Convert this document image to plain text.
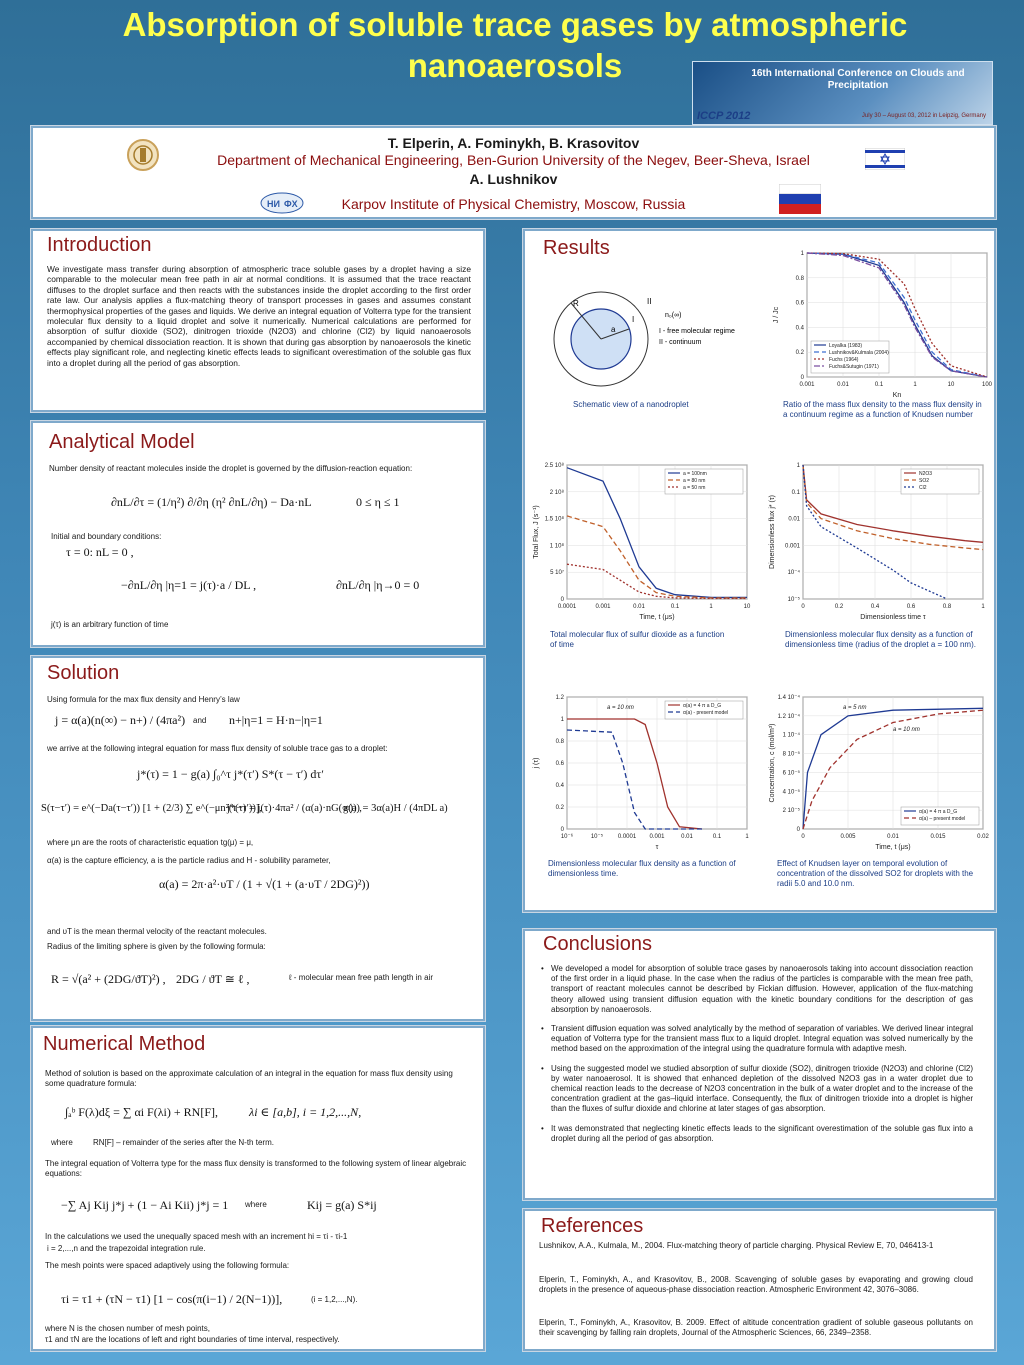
Absorption of soluble trace gases by atmospheric nanoaerosols	16th International Conference on Clouds and Precipitation
ICCP 2012	July 30 – August 03, 2012 in Leipzig, Germany
T. Elperin, A. Fominykh, B. Krasovitov
Department of Mechanical Engineering, Ben-Gurion University of the Negev, Beer-Sheva, Israel
A. Lushnikov
Karpov Institute of Physical Chemistry, Moscow, Russia
НИ ФХ
Introduction
We investigate mass transfer during absorption of atmospheric trace soluble gases by a droplet having a size comparable to the molecular mean free path in air at normal conditions. It is assumed that the trace reactant diffuses to the droplet surface and then reacts with the substances inside the droplet according to the first order rate law. Our analysis applies a flux-matching theory of transport processes in gases and assumes constant thermophysical properties of the gases and liquids. We derive an integral equation of Volterra type for the transient molecular flux density to a liquid droplet and solve it numerically. Numerical calculations are performed for absorption of sulfur dioxide (SO2), dinitrogen trioxide (N2O3) and chlorine (Cl2) by liquid nanoaerosols accompanied by chemical dissociation reaction. It is shown that during gas absorption by nanoaerosols the kinetic effects play significant role, and neglecting kinetic effects leads to significant overestimation of the soluble gas flux into a droplet during all the period of gas absorption.
Analytical Model
Number density of reactant molecules inside the droplet is governed by the diffusion-reaction equation:
∂nL/∂τ = (1/η²) ∂/∂η (η² ∂nL/∂η) − Da·nL	0 ≤ η ≤ 1
Initial and boundary conditions:
τ = 0: nL = 0 ,
−∂nL/∂η |η=1 = j(τ)·a / DL ,	∂nL/∂η |η→0 = 0
j(τ) is an arbitrary function of time
Solution
Using formula for the max flux density and Henry’s law
j = α(a)(n(∞) − n+) / (4πa²) and n+|η=1 = H·n−|η=1
we arrive at the following integral equation for mass flux density of soluble trace gas to a droplet:
j*(τ) = 1 − g(a) ∫₀^τ j*(τ′) S*(τ − τ′) dτ′
S(τ−τ′) = e^(−Da(τ−τ′)) [1 + (2/3) ∑ e^(−μn²(τ−τ′))],
j*(τ) = j(τ)·4πa² / (α(a)·nG(∞)) ,
g(a) = 3α(a)H / (4πDL a)
where μn are the roots of characteristic equation tg(μ) = μ,
α(a) is the capture efficiency, a is the particle radius and H - solubility parameter,
α(a) = 2π·a²·υT / (1 + √(1 + (a·υT / 2DG)²))
and υT is the mean thermal velocity of the reactant molecules.
Radius of the limiting sphere is given by the following formula:
R = √(a² + (2DG/ϑT)²) , 2DG / ϑT ≅ ℓ ,	ℓ - molecular mean free path length in air
Numerical Method
Method of solution is based on the approximate calculation of an integral in the equation for mass flux density using some quadrature formula:
∫ₐᵇ F(λ)dξ = ∑ αi F(λi) + RN[F],	λi ∈ [a,b], i = 1,2,...,N,
where	RN[F] – remainder of the series after the N-th term.
The integral equation of Volterra type for the mass flux density is transformed to the following system of linear algebraic equations:
−∑ Aj Kij j*j + (1 − Ai Kii) j*j = 1 where	Kij = g(a) S*ij
In the calculations we used the unequally spaced mesh with an increment hi = τi - τi-1
i = 2,...,n and the trapezoidal integration rule.
The mesh points were spaced adaptively using the following formula:
τi = τ1 + (τN − τ1) [1 − cos(π(i−1) / 2(N−1))],	(i = 1,2,...,N).
where N is the chosen number of mesh points,
τ1 and τN are the locations of left and right boundaries of time interval, respectively.
Results
R
a
I
II
n₀(∞)
I - free molecular regime
II - continuum
Schematic view of a nanodroplet
0.001	0.01	0.1	1	10	100
0
0.2
0.4
0.6
0.8
1
Kn
J / Jc
Loyalka (1983)
Lushnikov&Kulmala (2004)
Fuchs (1964)
Fuchs&Sutugin (1971)
Ratio of the mass flux density to the mass flux density in a continuum regime as a function of Knudsen number
0.0001	0.001	0.01	0.1	1	10
0
5 10⁷
1 10⁸
1.5 10⁸
2 10⁸
2.5 10⁸
Time, t (μs)
Total Flux, J (s⁻¹)
a = 100nm
a = 80 nm
a = 50 nm
Total molecular flux of sulfur dioxide as a function of time
0	0.2	0.4	0.6	0.8	1
10⁻⁵
10⁻⁴
0.001
0.01
0.1
1
Dimensionless time τ
Dimensionless flux j* (τ)
N2O3
SO2
Cl2
Dimensionless molecular flux density as a function of dimensionless time (radius of the droplet a = 100 nm).
10⁻⁶	10⁻⁵ 0.0001 0.001	0.01	0.1	1
0
0.2
0.4
0.6
0.8
1
1.2
τ
j (τ)
α(a) = 4 π a D_G
α(a) - present model
a = 10 nm
Dimensionless molecular flux density as a function of dimensionless time.
0	0.005	0.01	0.015	0.02
0
2 10⁻⁵
4 10⁻⁵
6 10⁻⁵
8 10⁻⁵
1 10⁻⁴
1.2 10⁻⁴
1.4 10⁻⁴
Time, t (μs)
Concentration, c (mol/m³)
α(a) = 4 π a D_G
α(a) – present model
a = 5 nm
a = 10 nm
Effect of Knudsen layer on temporal evolution of concentration of the dissolved SO2 for droplets with the radii 5.0 and 10.0 nm.
Conclusions
• We developed a model for absorption of soluble trace gases by nanoaerosols taking into account dissociation reaction of the first order in a liquid phase. In the case when the radius of the particles is comparable with the mean free path, transport of reactant molecules cannot be described by Fickian diffusion. However, application of the flux-matching theory allowed using transient diffusion equation with the kinetic boundary conditions for the description of gas absorption by nanoaerosols.
• Transient diffusion equation was solved analytically by the method of separation of variables. We derived linear integral equation of Volterra type for the transient mass flux to a liquid droplet. Integral equation was solved numerically by the method based on the approximation of the integral using the quadrature formula with adaptive mesh.
• Using the suggested model we studied absorption of sulfur dioxide (SO2), dinitrogen trioxide (N2O3) and chlorine (Cl2) by water nanoaerosol. It is showed that enhanced depletion of the dissolved N2O3 gas in a water droplet due to chemical reaction leads to the decrease of N2O3 concentration in the bulk of a water droplet and to the increase of the concentration gradient at the gas–liquid interface. Consequently, the flux of dinitrogen trioxide into a droplet is higher than the fluxes of sulfur dioxide and chlorine at later stages of gas absorption.
• It was demonstrated that neglecting kinetic effects leads to the significant overestimation of the soluble gas flux into a droplet during all the period of gas absorption.
References
Lushnikov, A.A., Kulmala, M., 2004. Flux-matching theory of particle charging. Physical Review E, 70, 046413-1
Elperin, T., Fominykh, A., and Krasovitov, B., 2008. Scavenging of soluble gases by evaporating and growing cloud droplets in the presence of aqueous-phase dissociation reaction. Atmospheric Environment 42, 3076–3086.
Elperin, T., Fominykh, A., Krasovitov, B. 2009. Effect of altitude concentration gradient of soluble gaseous pollutants on their scavenging by falling rain droplets, Journal of the Atmospheric Sciences, 66, 2349–2358.
